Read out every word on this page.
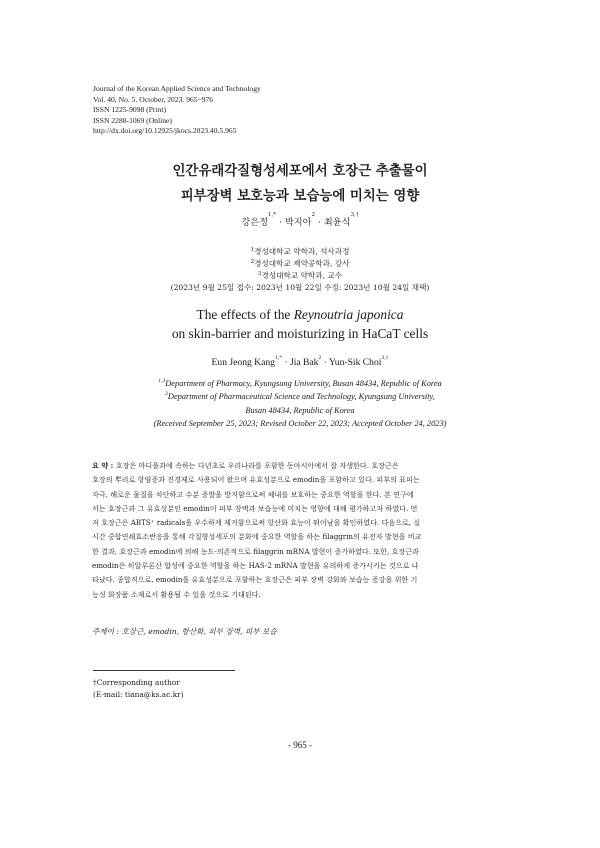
Journal of the Korean Applied Science and Technology
Vol. 40, No. 5. October, 2023. 965~976
ISSN 1225-9098 (Print)
ISSN 2288-1069 (Online)
http://dx.doi.org/10.12925/jkocs.2023.40.5.965
인간유래각질형성세포에서 호장근 추출물이
피부장벽 보호능과 보습능에 미치는 영향
강은정$^{1,*}$ · 박지아$^2$ · 최윤식$^{3,\dagger}$
$^1$경성대학교 약학과, 석사과정
$^2$경성대학교 제약공학과, 강사
$^3$경성대학교 약학과, 교수
(2023년 9월 25일 접수: 2023년 10월 22일 수정: 2023년 10월 24일 채택)
The effects of the Reynoutria japonica
on skin-barrier and moisturizing in HaCaT cells
Eun Jeong Kang$^{1,*}$ · Jia Bak$^2$ · Yun-Sik Choi$^{3,\dagger}$
$^{1,3}$Department of Pharmacy, Kyungsung University, Busan 48434, Republic of Korea
$^2$Department of Pharmaceutical Science and Technology, Kyungsung University,
Busan 48434, Republic of Korea
(Received September 25, 2023; Revised October 22, 2023; Accepted October 24, 2023)
요 약 : 호장은 마디풀과에 속하는 다년초로 우리나라를 포함한 동아시아에서 잘 자생한다. 호장근은
호장의 뿌리로 항염증과 진경제로 사용되어 왔으며 유효성분으로 emodin을 포함하고 있다. 피부의 표피는
자극, 해로운 물질을 차단하고 수분 증발을 방지함으로써 체내를 보호하는 중요한 역할을 한다. 본 연구에
서는 호장근과 그 유효성분인 emodin이 피부 장벽과 보습능에 미치는 영향에 대해 평가하고자 하였다. 먼
저 호장근은 ABTS⁺ radicals을 우수하게 제거함으로써 항산화 효능이 뛰어남을 확인하였다. 다음으로, 실
시간 중합연쇄효소반응을 통해 각질형성세포의 분화에 중요한 역할을 하는 filaggrin의 유전자 발현을 비교
한 결과, 호장근과 emodin에 의해 농도-의존적으로 filaggrin mRNA 발현이 증가하였다. 또한, 호장근과
emodin은 히알루론산 합성에 중요한 역할을 하는 HAS-2 mRNA 발현을 유의하게 증가시키는 것으로 나
타났다. 종합적으로, emodin을 유효성분으로 포함하는 호장근은 피부 장벽 강화와 보습능 증강을 위한 기
능성 화장품 소재로서 활용될 수 있을 것으로 기대된다.
주제어 : 호장근, emodin, 항산화, 피부 장벽, 피부 보습
†Corresponding author
(E-mail: tiana@ks.ac.kr)
- 965 -
